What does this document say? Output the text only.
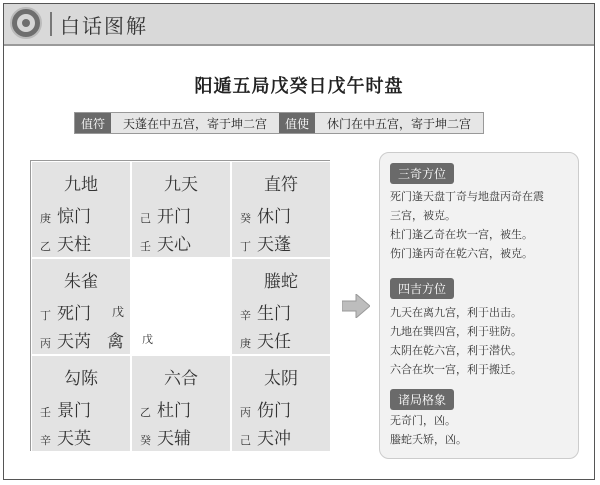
白话图解
阳遁五局戊癸日戊午时盘
值符	天蓬在中五宫，寄于坤二宫	值使	休门在中五宫，寄于坤二宫
九地
庚 惊门
乙 天柱
九天
己 开门
壬 天心
直符
癸 休门
丁 天蓬
朱雀
丁 死门 戊
丙 天芮 禽 戊
螣蛇
辛 生门
庚 天任
勾陈
壬 景门
辛 天英
六合
乙 杜门
癸 天辅
太阴
丙 伤门
己 天冲
三奇方位
死门逢天盘丁奇与地盘丙奇在震
三宫，被克。
杜门逢乙奇在坎一宫，被生。
伤门逢丙奇在乾六宫，被克。
四吉方位
九天在离九宫，利于出击。
九地在巽四宫，利于驻防。
太阴在乾六宫，利于潜伏。
六合在坎一宫，利于搬迁。
诸局格象
无奇门，凶。
螣蛇夭矫，凶。
